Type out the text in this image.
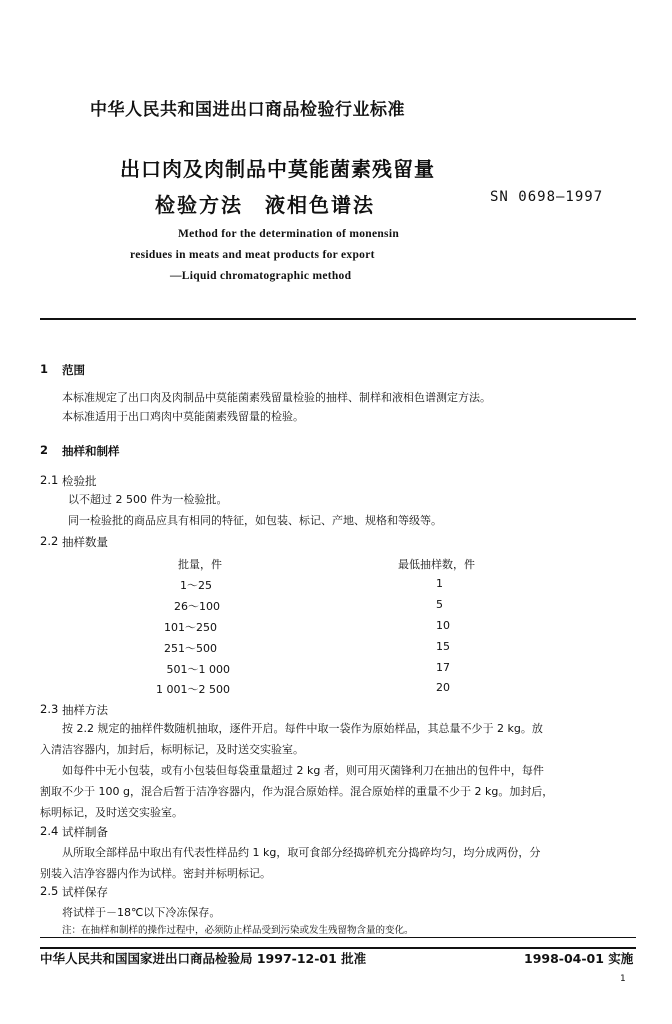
中华人民共和国进出口商品检验行业标准
出口肉及肉制品中莫能菌素残留量
检验方法　液相色谱法	SN 0698—1997
Method for the determination of monensin
residues in meats and meat products for export
—Liquid chromatographic method
1 范围
本标准规定了出口肉及肉制品中莫能菌素残留量检验的抽样、制样和液相色谱测定方法。
本标准适用于出口鸡肉中莫能菌素残留量的检验。
2 抽样和制样
2.1 检验批
以不超过 2 500 件为一检验批。
同一检验批的商品应具有相同的特征，如包装、标记、产地、规格和等级等。
2.2 抽样数量
批量，件	最低抽样数，件
1～25	1
26～100	5
101～250	10
251～500	15
501～1 000	17
1 001～2 500	20
2.3 抽样方法
按 2.2 规定的抽样件数随机抽取，逐件开启。每件中取一袋作为原始样品，其总量不少于 2 kg。放
入清洁容器内，加封后，标明标记，及时送交实验室。
如每件中无小包装，或有小包装但每袋重量超过 2 kg 者，则可用灭菌锋利刀在抽出的包件中，每件
割取不少于 100 g，混合后暂于洁净容器内，作为混合原始样。混合原始样的重量不少于 2 kg。加封后，
标明标记，及时送交实验室。
2.4 试样制备
从所取全部样品中取出有代表性样品约 1 kg，取可食部分经捣碎机充分捣碎均匀，均分成两份，分
别装入洁净容器内作为试样。密封并标明标记。
2.5 试样保存
将试样于－18℃以下冷冻保存。
注：在抽样和制样的操作过程中，必须防止样品受到污染或发生残留物含量的变化。
中华人民共和国国家进出口商品检验局 1997-12-01 批准	1998-04-01 实施
1
